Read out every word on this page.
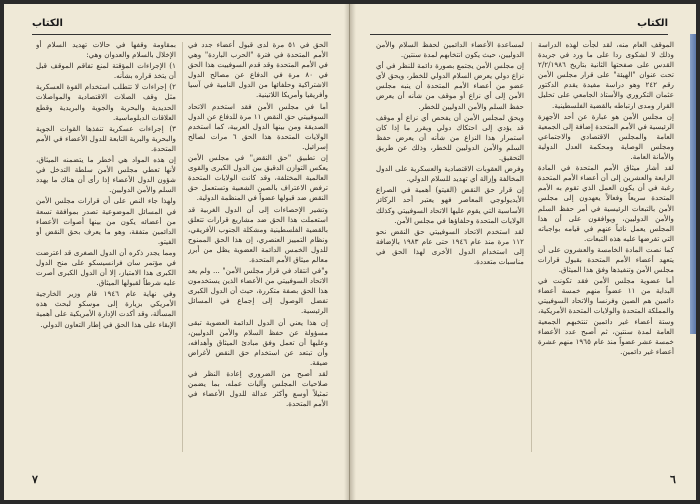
الكتاب

الحق في ٥١ مرة لدى قبول أعضاء جدد في الأمم المتحدة في فترة "الحرب الباردة" وهي في الأمم المتحدة وقد قدم السوفييت هذا الحق في ٨٠ مرة في الدفاع عن مصالح الدول الاشتراكية وحلفائها من الدول النامية في آسيا وأفريقيا وأمريكا اللاتينية.

أما في مجلس الأمن فقد استخدم الاتحاد السوفييتي حق النقض ١١ مرة للدفاع عن الدول الصديقة ومن بينها الدول العربية، كما استخدم الولايات المتحدة هذا الحق ٦ مرات لصالح إسرائيل.

إن تطبيق "حق النقض" في مجلس الأمن يعكس التوازن الدقيق بين الدول الكبرى والقوى العالمية المختلفة، وقد كانت الولايات المتحدة ترفض الاعتراف بالصين الشعبية وتستعمل حق النقض ضد قبولها عضواً في المنظمة الدولية.

وتشير الإحصاءات إلى أن الدول الغربية قد استعملت هذا الحق ضد مشاريع قرارات تتعلق بالقضية الفلسطينية ومشكلة الجنوب الأفريقي، ونظام التمييز العنصري، إن هذا الحق الممنوح للدول الخمس الدائمة العضوية يظل من أبرز معالم ميثاق الأمم المتحدة.

و"في انتقاد في قرار مجلس الأمن" ... ولم يعد الاتحاد السوفييتي من الأعضاء الذين يستخدمون هذا الحق بصفة متكررة، حيث أن الدول الكبرى تفضل الوصول إلى إجماع في المسائل الرئيسية.

إن هذا يعني أن الدول الدائمة العضوية تبقى مسؤولة عن حفظ السلام والأمن الدوليين، وعليها أن تعمل وفق مبادئ الميثاق وأهدافه، وأن تبتعد عن استخدام حق النقض لأغراض ضيقة.

لقد أصبح من الضروري إعادة النظر في صلاحيات المجلس وآليات عمله، بما يضمن تمثيلاً أوسع وأكثر عدالة للدول الأعضاء في الأمم المتحدة.

بمقاومة وقفها في حالات تهديد السلام أو الإخلال بالسلام والعدوان وهي:

١) الإجراءات المؤقتة لمنع تفاقم الموقف قبل أن يتخذ قراره بشأنه.

٢) إجراءات لا تتطلب استخدام القوة العسكرية مثل وقف الصلات الاقتصادية والمواصلات الحديدية والبحرية والجوية والبريدية وقطع العلاقات الدبلوماسية.

٣) إجراءات عسكرية تنفذها القوات الجوية والبحرية والبرية التابعة للدول الأعضاء في الأمم المتحدة.

إن هذه المواد هي أخطر ما يتضمنه الميثاق، لأنها تعطي مجلس الأمن سلطة التدخل في شؤون الدول الأعضاء إذا رأى أن هناك ما يهدد السلم والأمن الدوليين.

ولهذا جاء النص على أن قرارات مجلس الأمن في المسائل الموضوعية تصدر بموافقة تسعة من أعضائه يكون من بينها أصوات الأعضاء الدائمين متفقة، وهو ما يعرف بحق النقض أو الفيتو.

ومما يجدر ذكره أن الدول الصغرى قد اعترضت في مؤتمر سان فرانسيسكو على منح الدول الكبرى هذا الامتياز، إلا أن الدول الكبرى أصرت عليه شرطاً لقبولها الميثاق.

وفي نهاية عام ١٩٤٦ قام وزير الخارجية الأمريكي بزيارة إلى موسكو لبحث هذه المسألة، وقد أكدت الإدارة الأمريكية على أهمية الإبقاء على هذا الحق في إطار التعاون الدولي.

٧
الكتاب

الموقف العام منه، لقد لجأت لهذه الدراسة وذلك لا لشكوى ردا على ما ورد في جريدة القدس على صفحتها الثانية بتاريخ ٢/٢/١٩٨٦ تحت عنوان "الهيئة" على قرار مجلس الأمن رقم ٢٤٢ وهو دراسة مفيدة يقدم الدكتور عثمان التكروري والأستاذ الجامعي على تحليل القرار ومدى ارتباطه بالقضية الفلسطينية.

إن مجلس الأمن هو عبارة عن أحد الأجهزة الرئيسية في الأمم المتحدة إضافة إلى الجمعية العامة والمجلس الاقتصادي والاجتماعي ومجلس الوصاية ومحكمة العدل الدولية والأمانة العامة.

لقد أشار ميثاق الأمم المتحدة في المادة الرابعة والعشرين إلى أن أعضاء الأمم المتحدة رغبة في أن يكون العمل الذي تقوم به الأمم المتحدة سريعاً وفعالاً يعهدون إلى مجلس الأمن بالتبعات الرئيسية في أمر حفظ السلم والأمن الدوليين، ويوافقون على أن هذا المجلس يعمل نائباً عنهم في قيامه بواجباته التي تفرضها عليه هذه التبعات.

كما نصت المادة الخامسة والعشرون على أن يتعهد أعضاء الأمم المتحدة بقبول قرارات مجلس الأمن وتنفيذها وفق هذا الميثاق.

أما عضوية مجلس الأمن فقد تكونت في البداية من ١١ عضواً منهم خمسة أعضاء دائمين هم الصين وفرنسا والاتحاد السوفييتي والمملكة المتحدة والولايات المتحدة الأمريكية، وستة أعضاء غير دائمين تنتخبهم الجمعية العامة لمدة سنتين، ثم أصبح عدد الأعضاء خمسة عشر عضواً منذ عام ١٩٦٥ منهم عشرة أعضاء غير دائمين.

لمساعدة الأعضاء الدائمين لحفظ السلام والأمن الدوليين، حيث يكون انتخابهم لمدة سنتين.

إن مجلس الأمن يجتمع بصورة دائمة للنظر في أي نزاع دولي يعرض السلام الدولي للخطر، ويحق لأي عضو من أعضاء الأمم المتحدة أن ينبه مجلس الأمن إلى أي نزاع أو موقف من شأنه أن يعرض حفظ السلم والأمن الدوليين للخطر.

ويحق لمجلس الأمن أن يفحص أي نزاع أو موقف قد يؤدي إلى احتكاك دولي ويقرر ما إذا كان استمرار هذا النزاع من شأنه أن يعرض حفظ السلم والأمن الدوليين للخطر، وذلك عن طريق التحقيق.

وفرض العقوبات الاقتصادية والعسكرية على الدول المخالفة وإزالة أي تهديد للسلام الدولي.

إن قرار حق النقض (الفيتو) أهمية في الصراع الأيديولوجي المعاصر فهو يعتبر أحد الركائز الأساسية التي يقوم عليها الاتحاد السوفييتي وكذلك الولايات المتحدة وحلفاؤها في مجلس الأمن.

لقد استخدم الاتحاد السوفييتي حق النقض نحو ١١٢ مرة منذ عام ١٩٤٦ حتى عام ١٩٨٣ بالإضافة إلى استخدام الدول الأخرى لهذا الحق في مناسبات متعددة.

٦
